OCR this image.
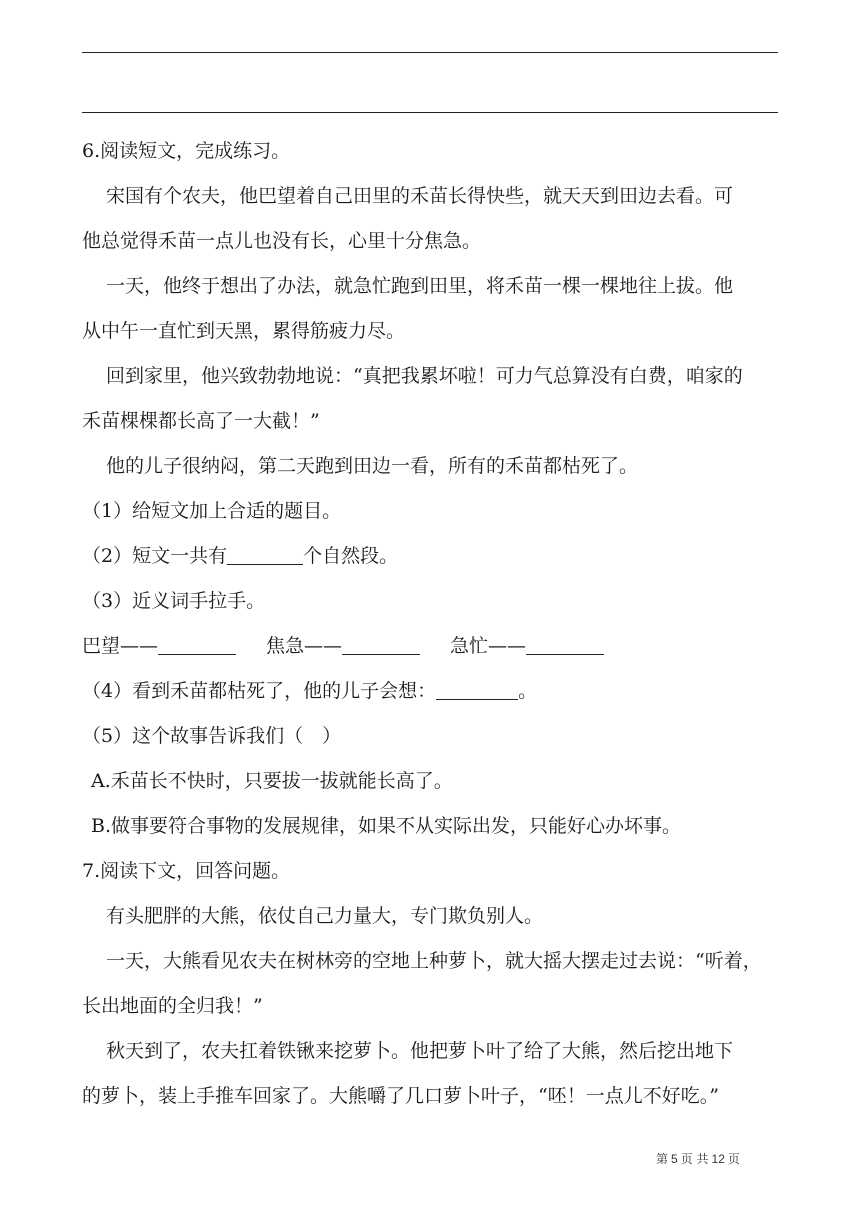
6.阅读短文，完成练习。
宋国有个农夫，他巴望着自己田里的禾苗长得快些，就天天到田边去看。可
他总觉得禾苗一点儿也没有长，心里十分焦急。
一天，他终于想出了办法，就急忙跑到田里，将禾苗一棵一棵地往上拔。他
从中午一直忙到天黑，累得筋疲力尽。
回到家里，他兴致勃勃地说：“真把我累坏啦！可力气总算没有白费，咱家的
禾苗棵棵都长高了一大截！”
他的儿子很纳闷，第二天跑到田边一看，所有的禾苗都枯死了。
（1）给短文加上合适的题目。
（2）短文一共有	个自然段。
（3）近义词手拉手。
巴望——	焦急——	急忙——
（4）看到禾苗都枯死了，他的儿子会想：	。
（5）这个故事告诉我们（　）
A.禾苗长不快时，只要拔一拔就能长高了。
B.做事要符合事物的发展规律，如果不从实际出发，只能好心办坏事。
7.阅读下文，回答问题。
有头肥胖的大熊，依仗自己力量大，专门欺负别人。
一天，大熊看见农夫在树林旁的空地上种萝卜，就大摇大摆走过去说：“听着，
长出地面的全归我！”
秋天到了，农夫扛着铁锹来挖萝卜。他把萝卜叶了给了大熊，然后挖出地下
的萝卜，装上手推车回家了。大熊嚼了几口萝卜叶子，“呸！一点儿不好吃。”
第 5 页 共 12 页
